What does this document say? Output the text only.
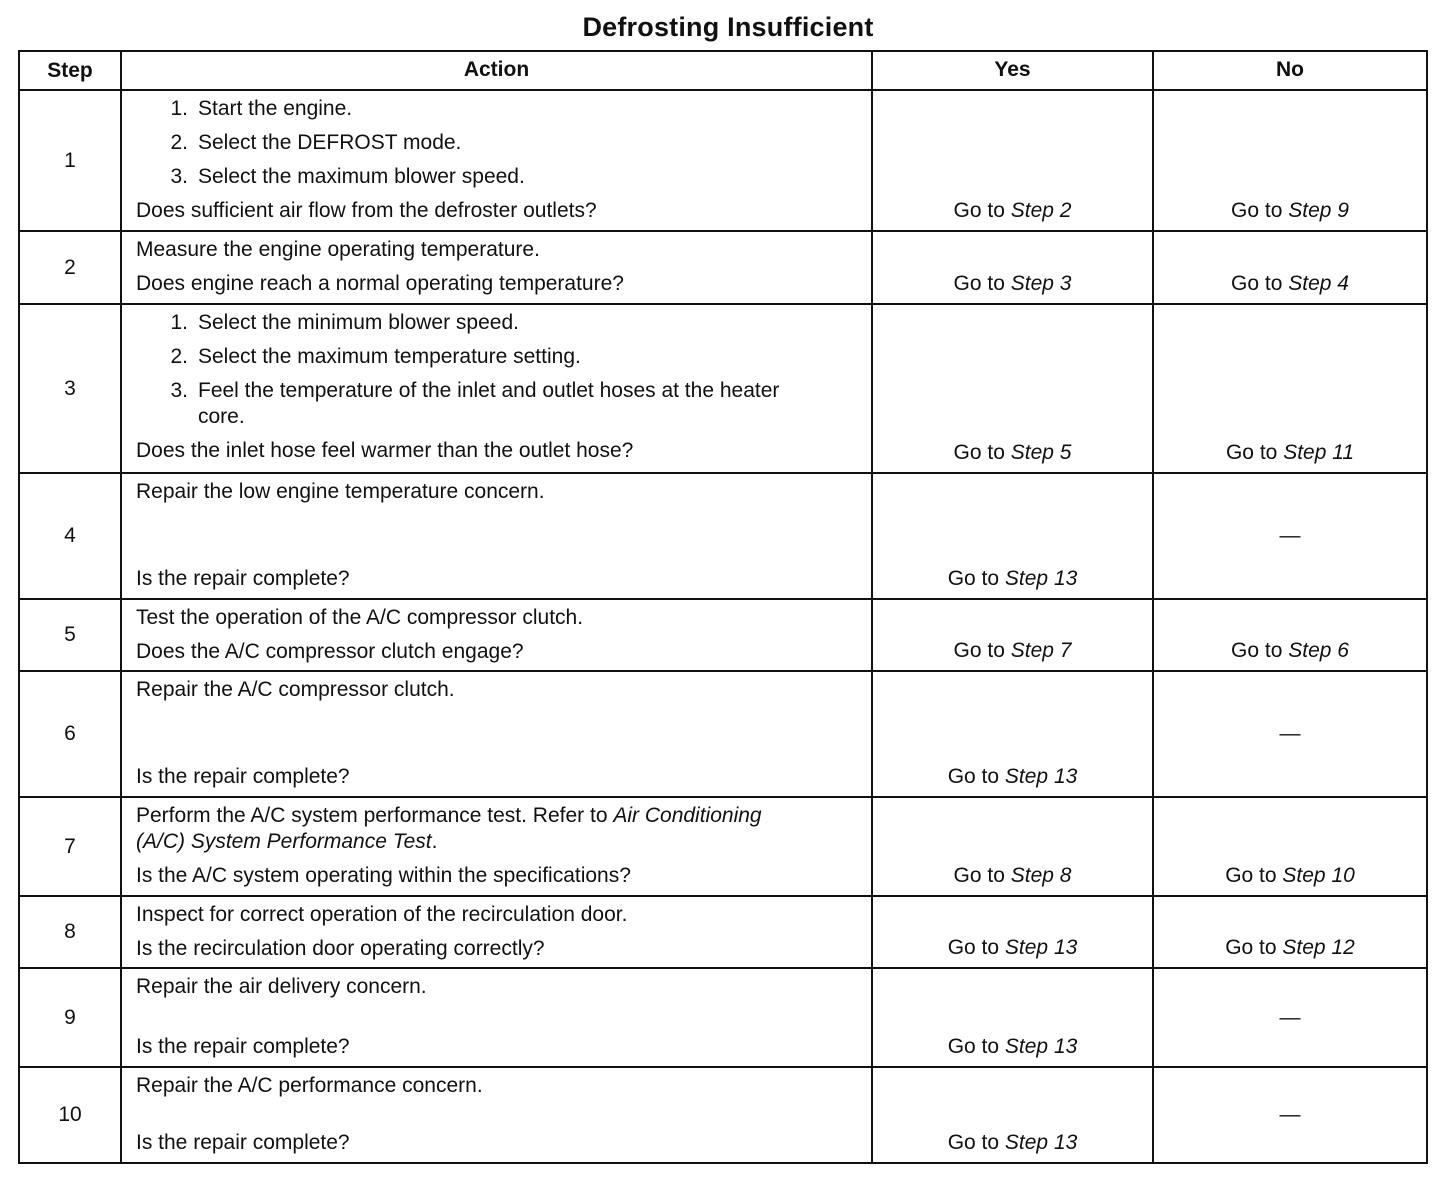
Defrosting Insufficient
Step	Action	Yes	No
1
1. Start the engine.
2. Select the DEFROST mode.
3. Select the maximum blower speed.
Does sufficient air flow from the defroster outlets?	Go to Step 2	Go to Step 9
2
Measure the engine operating temperature.
Does engine reach a normal operating temperature?	Go to Step 3	Go to Step 4
3
1. Select the minimum blower speed.
2. Select the maximum temperature setting.
3. Feel the temperature of the inlet and outlet hoses at the heater core.
Does the inlet hose feel warmer than the outlet hose?	Go to Step 5	Go to Step 11
4
Repair the low engine temperature concern.
Is the repair complete?	Go to Step 13
—
5
Test the operation of the A/C compressor clutch.
Does the A/C compressor clutch engage?	Go to Step 7	Go to Step 6
6
Repair the A/C compressor clutch.
Is the repair complete?	Go to Step 13
—
7
Perform the A/C system performance test. Refer to Air Conditioning (A/C) System Performance Test.
Is the A/C system operating within the specifications?	Go to Step 8	Go to Step 10
8
Inspect for correct operation of the recirculation door.
Is the recirculation door operating correctly?	Go to Step 13	Go to Step 12
9
Repair the air delivery concern.
Is the repair complete?	Go to Step 13
—
10
Repair the A/C performance concern.
Is the repair complete?	Go to Step 13
—
